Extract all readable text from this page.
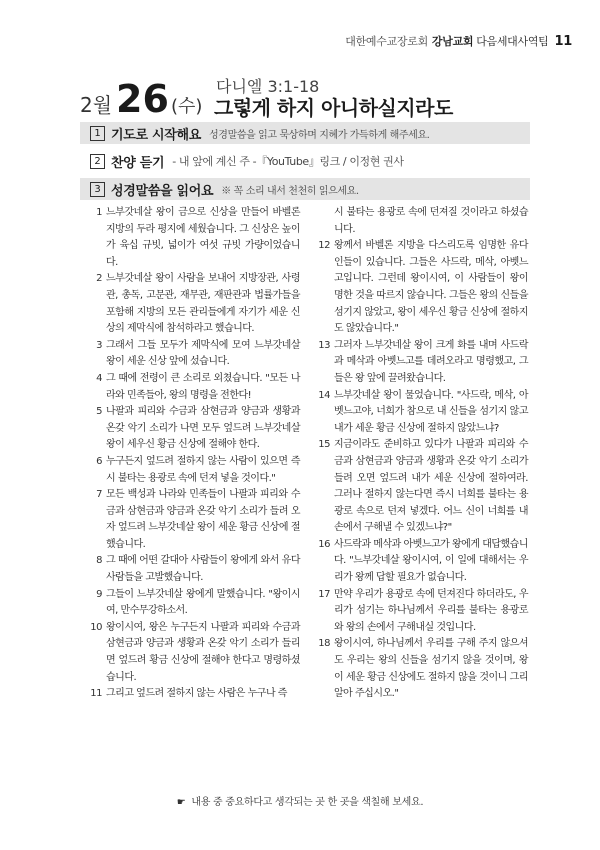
대한예수교장로회 강남교회 다음세대사역팀 11
2월 26 (수)
다니엘 3:1-18
그렇게 하지 아니하실지라도
1 기도로 시작해요 성경말씀을 읽고 묵상하며 지혜가 가득하게 해주세요.
2 찬양 듣기 - 내 앞에 계신 주 -『YouTube』링크 / 이정현 권사
3 성경말씀을 읽어요 ※ 꼭 소리 내서 천천히 읽으세요.
1 느부갓네살 왕이 금으로 신상을 만들어 바벨론 지방의 두라 평지에 세웠습니다. 그 신상은 높이가 육십 규빗, 넓이가 여섯 규빗 가량이었습니다.
2 느부갓네살 왕이 사람을 보내어 지방장관, 사령관, 총독, 고문관, 재무관, 재판관과 법률가들을 포함해 지방의 모든 관리들에게 자기가 세운 신상의 제막식에 참석하라고 했습니다.
3 그래서 그들 모두가 제막식에 모여 느부갓네살 왕이 세운 신상 앞에 섰습니다.
4 그 때에 전령이 큰 소리로 외쳤습니다. "모든 나라와 민족들아, 왕의 명령을 전한다!
5 나팔과 피리와 수금과 삼현금과 양금과 생황과 온갖 악기 소리가 나면 모두 엎드려 느부갓네살 왕이 세우신 황금 신상에 절해야 한다.
6 누구든지 엎드려 절하지 않는 사람이 있으면 즉시 불타는 용광로 속에 던져 넣을 것이다."
7 모든 백성과 나라와 민족들이 나팔과 피리와 수금과 삼현금과 양금과 온갖 악기 소리가 들려 오자 엎드려 느부갓네살 왕이 세운 황금 신상에 절했습니다.
8 그 때에 어떤 갈대아 사람들이 왕에게 와서 유다 사람들을 고발했습니다.
9 그들이 느부갓네살 왕에게 말했습니다. "왕이시여, 만수무강하소서.
10 왕이시여, 왕은 누구든지 나팔과 피리와 수금과 삼현금과 양금과 생황과 온갖 악기 소리가 들리면 엎드려 황금 신상에 절해야 한다고 명령하셨습니다.
11 그리고 엎드려 절하지 않는 사람은 누구나 즉
시 불타는 용광로 속에 던져질 것이라고 하셨습니다.
12 왕께서 바벨론 지방을 다스리도록 임명한 유다 인들이 있습니다. 그들은 사드락, 메삭, 아벳느고입니다. 그런데 왕이시여, 이 사람들이 왕이 명한 것을 따르지 않습니다. 그들은 왕의 신들을 섬기지 않았고, 왕이 세우신 황금 신상에 절하지도 않았습니다."
13 그러자 느부갓네살 왕이 크게 화를 내며 사드락과 메삭과 아벳느고를 데려오라고 명령했고, 그들은 왕 앞에 끌려왔습니다.
14 느부갓네살 왕이 물었습니다. "사드락, 메삭, 아벳느고야, 너희가 참으로 내 신들을 섬기지 않고 내가 세운 황금 신상에 절하지 않았느냐?
15 지금이라도 준비하고 있다가 나팔과 피리와 수금과 삼현금과 양금과 생황과 온갖 악기 소리가 들려 오면 엎드려 내가 세운 신상에 절하여라. 그러나 절하지 않는다면 즉시 너희를 불타는 용광로 속으로 던져 넣겠다. 어느 신이 너희를 내 손에서 구해낼 수 있겠느냐?"
16 사드락과 메삭과 아벳느고가 왕에게 대답했습니다. "느부갓네살 왕이시여, 이 일에 대해서는 우리가 왕께 답할 필요가 없습니다.
17 만약 우리가 용광로 속에 던져진다 하더라도, 우리가 섬기는 하나님께서 우리를 불타는 용광로와 왕의 손에서 구해내실 것입니다.
18 왕이시여, 하나님께서 우리를 구해 주지 않으셔도 우리는 왕의 신들을 섬기지 않을 것이며, 왕이 세운 황금 신상에도 절하지 않을 것이니 그리 알아 주십시오."
☛ 내용 중 중요하다고 생각되는 곳 한 곳을 색칠해 보세요.
